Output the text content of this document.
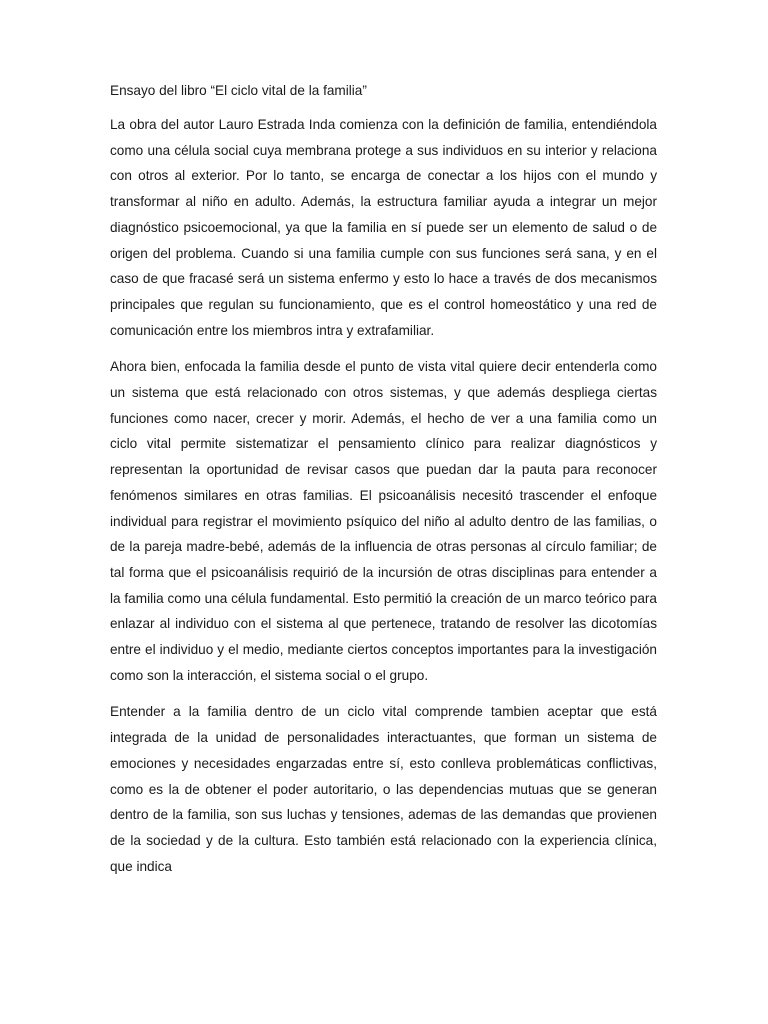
Ensayo del libro “El ciclo vital de la familia”

La obra del autor Lauro Estrada Inda comienza con la definición de familia, entendiéndola como una célula social cuya membrana protege a sus individuos en su interior y relaciona con otros al exterior. Por lo tanto, se encarga de conectar a los hijos con el mundo y transformar al niño en adulto. Además, la estructura familiar ayuda a integrar un mejor diagnóstico psicoemocional, ya que la familia en sí puede ser un elemento de salud o de origen del problema. Cuando si una familia cumple con sus funciones será sana, y en el caso de que fracasé será un sistema enfermo y esto lo hace a través de dos mecanismos principales que regulan su funcionamiento, que es el control homeostático y una red de comunicación entre los miembros intra y extrafamiliar.

Ahora bien, enfocada la familia desde el punto de vista vital quiere decir entenderla como un sistema que está relacionado con otros sistemas, y que además despliega ciertas funciones como nacer, crecer y morir. Además, el hecho de ver a una familia como un ciclo vital permite sistematizar el pensamiento clínico para realizar diagnósticos y representan la oportunidad de revisar casos que puedan dar la pauta para reconocer fenómenos similares en otras familias. El psicoanálisis necesitó trascender el enfoque individual para registrar el movimiento psíquico del niño al adulto dentro de las familias, o de la pareja madre-bebé, además de la influencia de otras personas al círculo familiar; de tal forma que el psicoanálisis requirió de la incursión de otras disciplinas para entender a la familia como una célula fundamental. Esto permitió la creación de un marco teórico para enlazar al individuo con el sistema al que pertenece, tratando de resolver las dicotomías entre el individuo y el medio, mediante ciertos conceptos importantes para la investigación como son la interacción, el sistema social o el grupo.

Entender a la familia dentro de un ciclo vital comprende tambien aceptar que está integrada de la unidad de personalidades interactuantes, que forman un sistema de emociones y necesidades engarzadas entre sí, esto conlleva problemáticas conflictivas, como es la de obtener el poder autoritario, o las dependencias mutuas que se generan dentro de la familia, son sus luchas y tensiones, ademas de las demandas que provienen de la sociedad y de la cultura. Esto también está relacionado con la experiencia clínica, que indica
